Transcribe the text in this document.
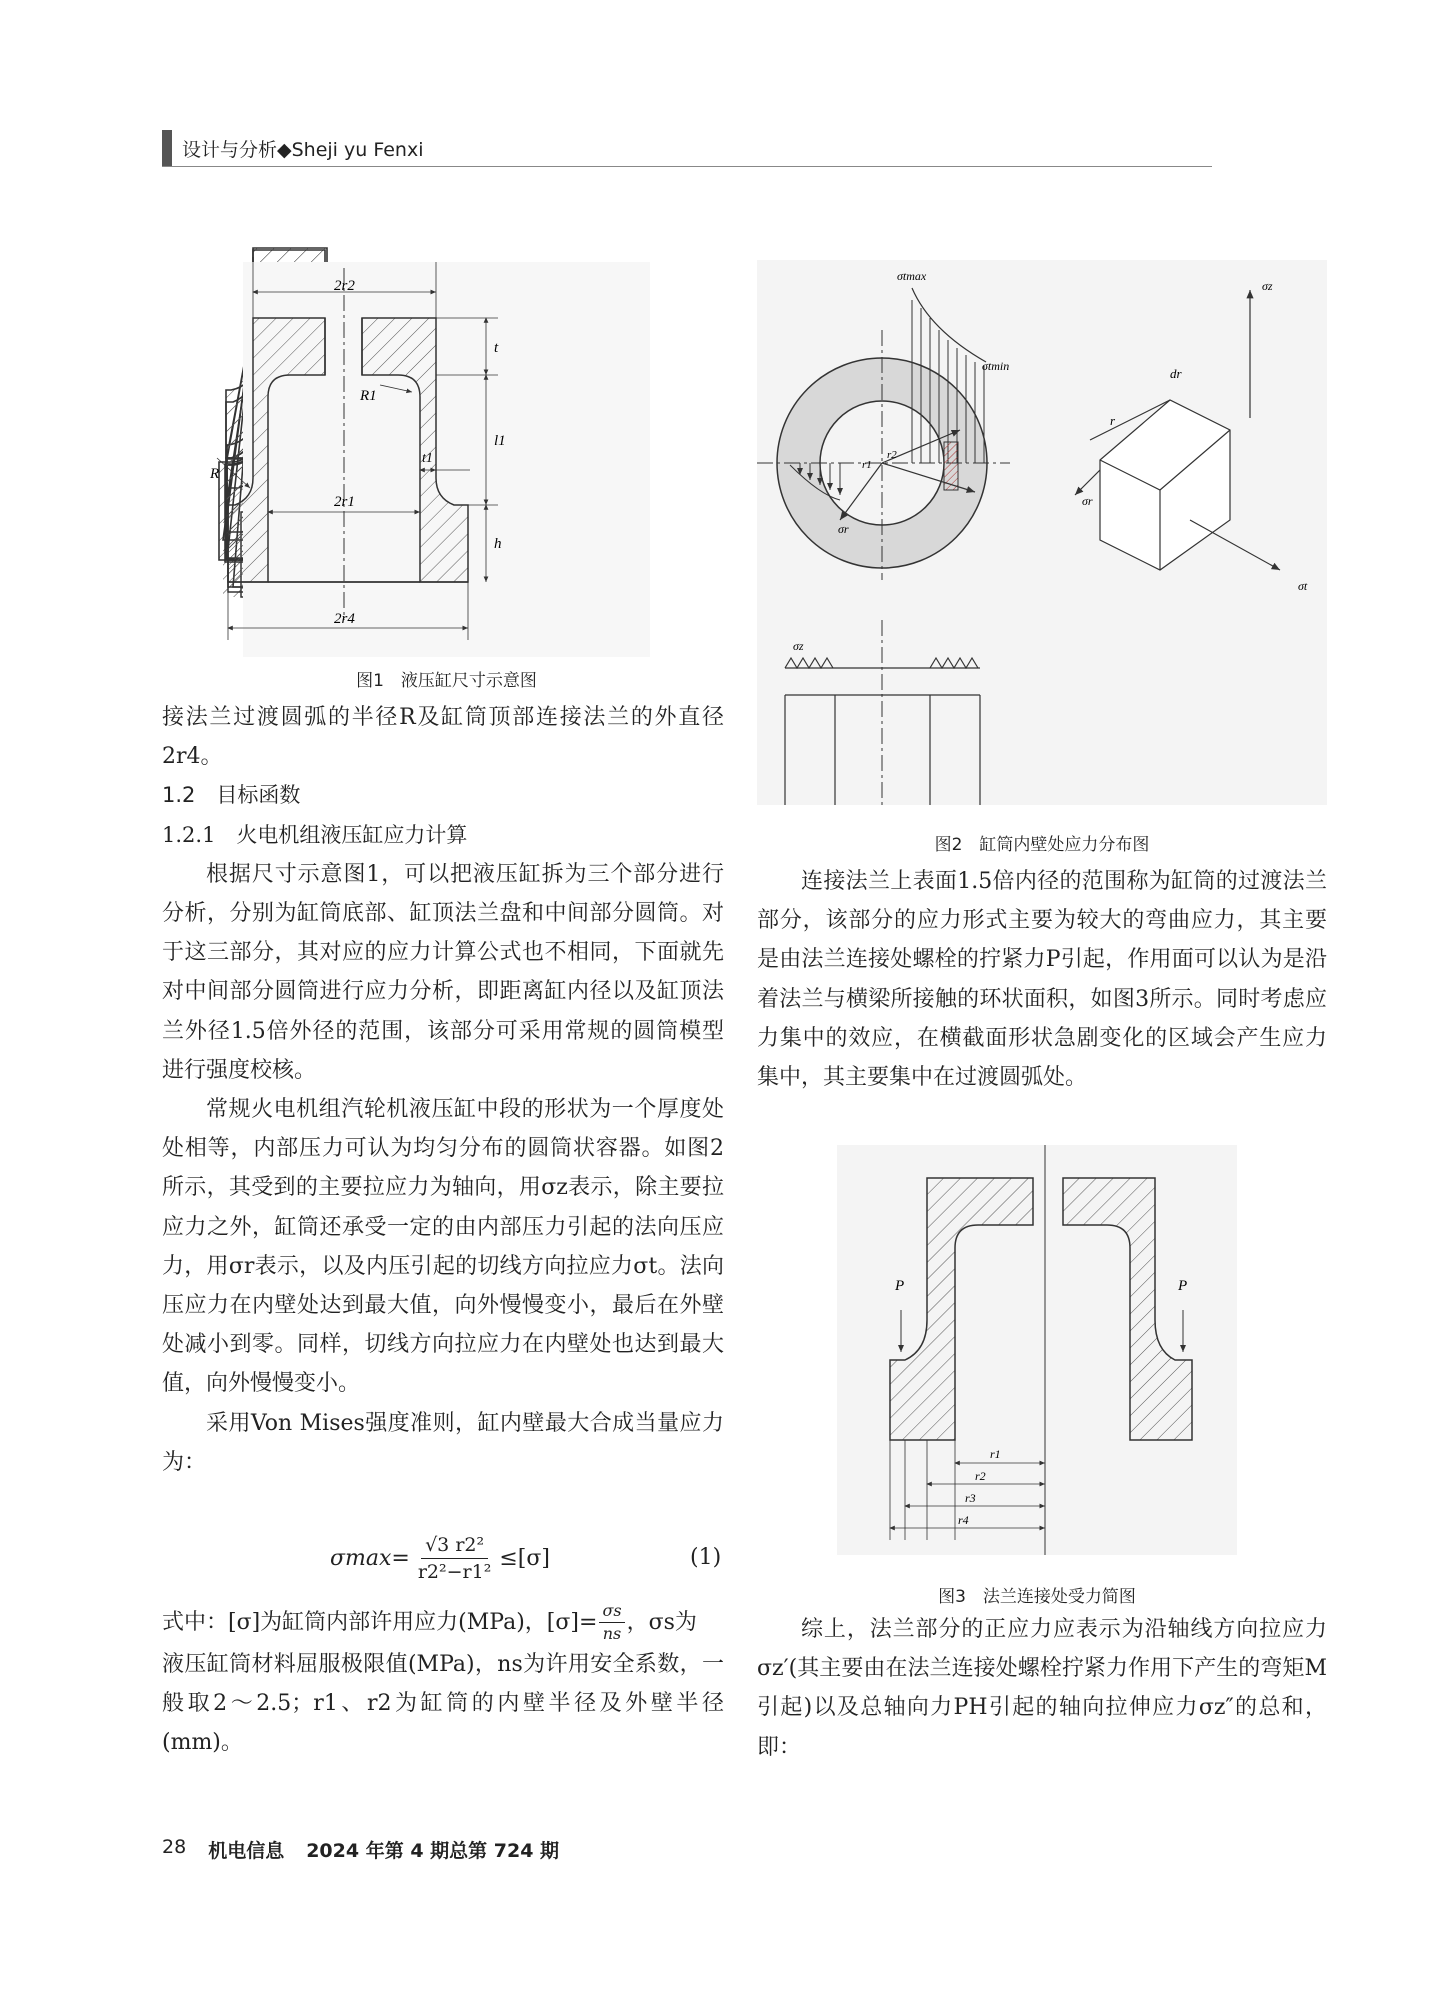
设计与分析◆Sheji yu Fenxi
2r2
t
l1
h
R1
R
t1
2r1
2r4
图1　液压缸尺寸示意图
σtmax
σtmin
r2
r1
σr
σz
dr
r
σr
σt
σz
图2　缸筒内壁处应力分布图
P	P
r1
r2
r3
r4
图3　法兰连接处受力简图

接法兰过渡圆弧的半径R及缸筒顶部连接法兰的外直径2r4。

1.2　目标函数

1.2.1　火电机组液压缸应力计算

根据尺寸示意图1，可以把液压缸拆为三个部分进行分析，分别为缸筒底部、缸顶法兰盘和中间部分圆筒。对于这三部分，其对应的应力计算公式也不相同，下面就先对中间部分圆筒进行应力分析，即距离缸内径以及缸顶法兰外径1.5倍外径的范围，该部分可采用常规的圆筒模型进行强度校核。

常规火电机组汽轮机液压缸中段的形状为一个厚度处处相等，内部压力可认为均匀分布的圆筒状容器。如图2所示，其受到的主要拉应力为轴向，用σz表示，除主要拉应力之外，缸筒还承受一定的由内部压力引起的法向压应力，用σr表示，以及内压引起的切线方向拉应力σt。法向压应力在内壁处达到最大值，向外慢慢变小，最后在外壁处减小到零。同样，切线方向拉应力在内壁处也达到最大值，向外慢慢变小。

采用Von Mises强度准则，缸内壁最大合成当量应力为：

$\sigma\max= \frac{\text{√3 r2²}}{\text{r2²−r1²}} \le[\sigma]$	(1)

式中：[σ]为缸筒内部许用应力(MPa)，$[\sigma]= \frac{\sigma s}{ns}$ ，σs为

液压缸筒材料屈服极限值(MPa)，ns为许用安全系数，一般取2～2.5；r1、r2为缸筒的内壁半径及外壁半径(mm)。

连接法兰上表面1.5倍内径的范围称为缸筒的过渡法兰部分，该部分的应力形式主要为较大的弯曲应力，其主要是由法兰连接处螺栓的拧紧力P引起，作用面可以认为是沿着法兰与横梁所接触的环状面积，如图3所示。同时考虑应力集中的效应，在横截面形状急剧变化的区域会产生应力集中，其主要集中在过渡圆弧处。

综上，法兰部分的正应力应表示为沿轴线方向拉应力σz′(其主要由在法兰连接处螺栓拧紧力作用下产生的弯矩M引起)以及总轴向力PH引起的轴向拉伸应力σz″的总和，即：

28 机电信息 2024 年第 4 期总第 724 期
